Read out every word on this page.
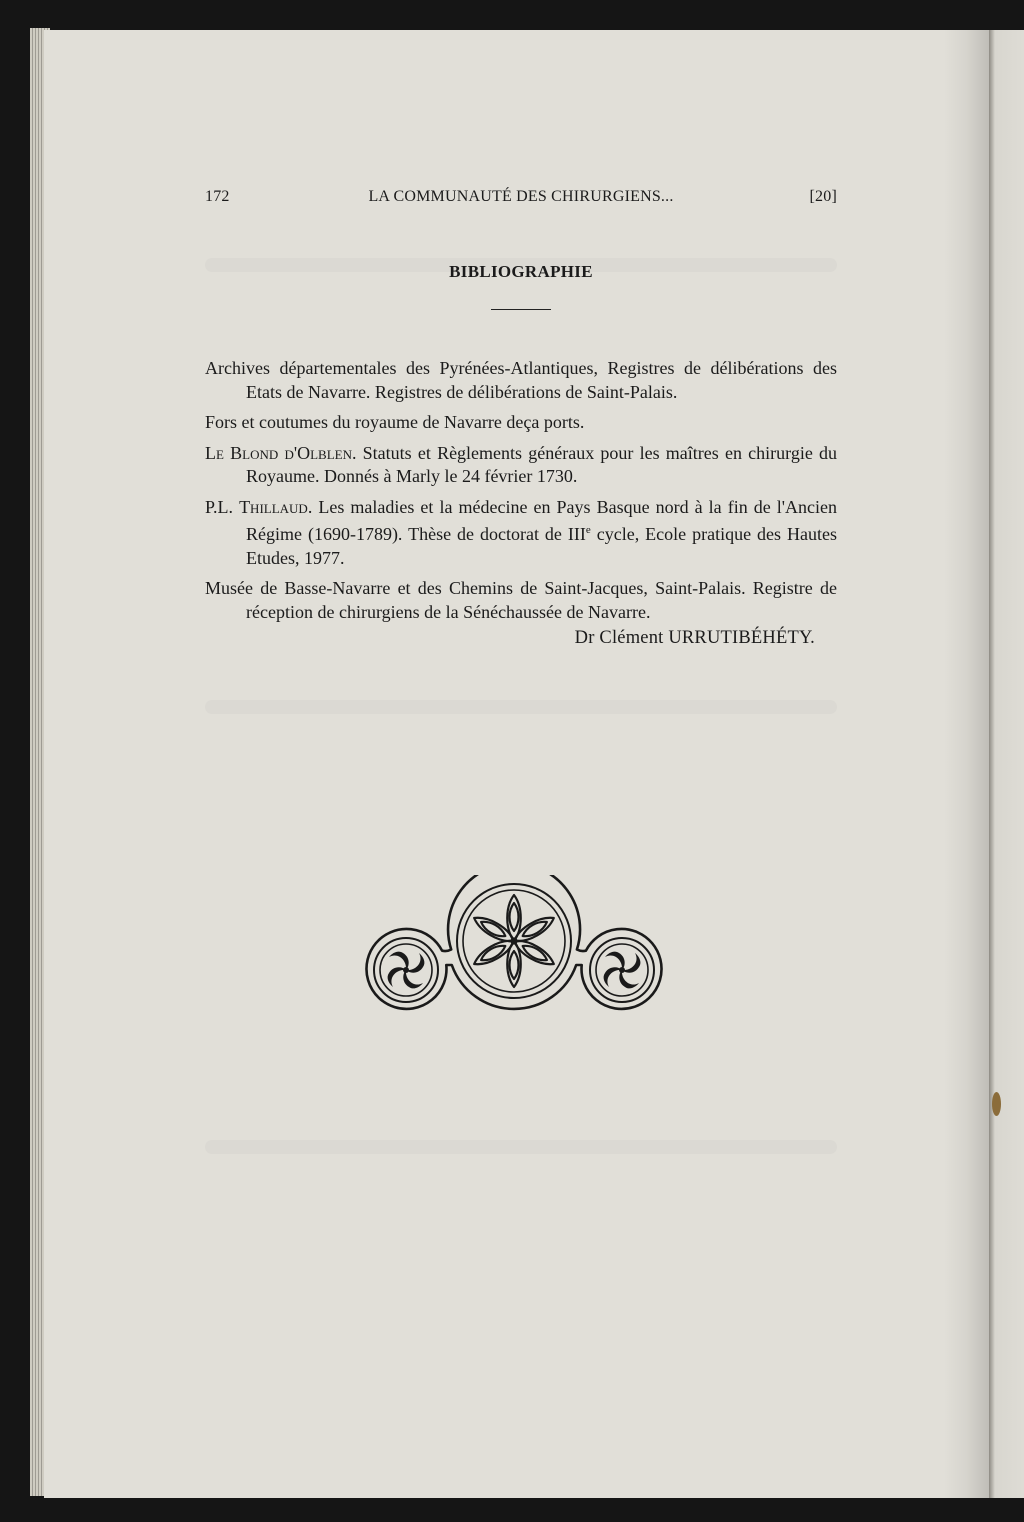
172	LA COMMUNAUTÉ DES CHIRURGIENS...	[20]
BIBLIOGRAPHIE

Archives départementales des Pyrénées-Atlantiques, Registres de délibérations des Etats de Navarre. Registres de délibérations de Saint-Palais.

Fors et coutumes du royaume de Navarre deça ports.

Le Blond d'Olblen. Statuts et Règlements généraux pour les maîtres en chirurgie du Royaume. Donnés à Marly le 24 février 1730.

P.L. Thillaud. Les maladies et la médecine en Pays Basque nord à la fin de l'Ancien Régime (1690-1789). Thèse de doctorat de IIIe cycle, Ecole pratique des Hautes Etudes, 1977.

Musée de Basse-Navarre et des Chemins de Saint-Jacques, Saint-Palais. Registre de réception de chirurgiens de la Sénéchaussée de Navarre.

Dr Clément URRUTIBÉHÉTY.
